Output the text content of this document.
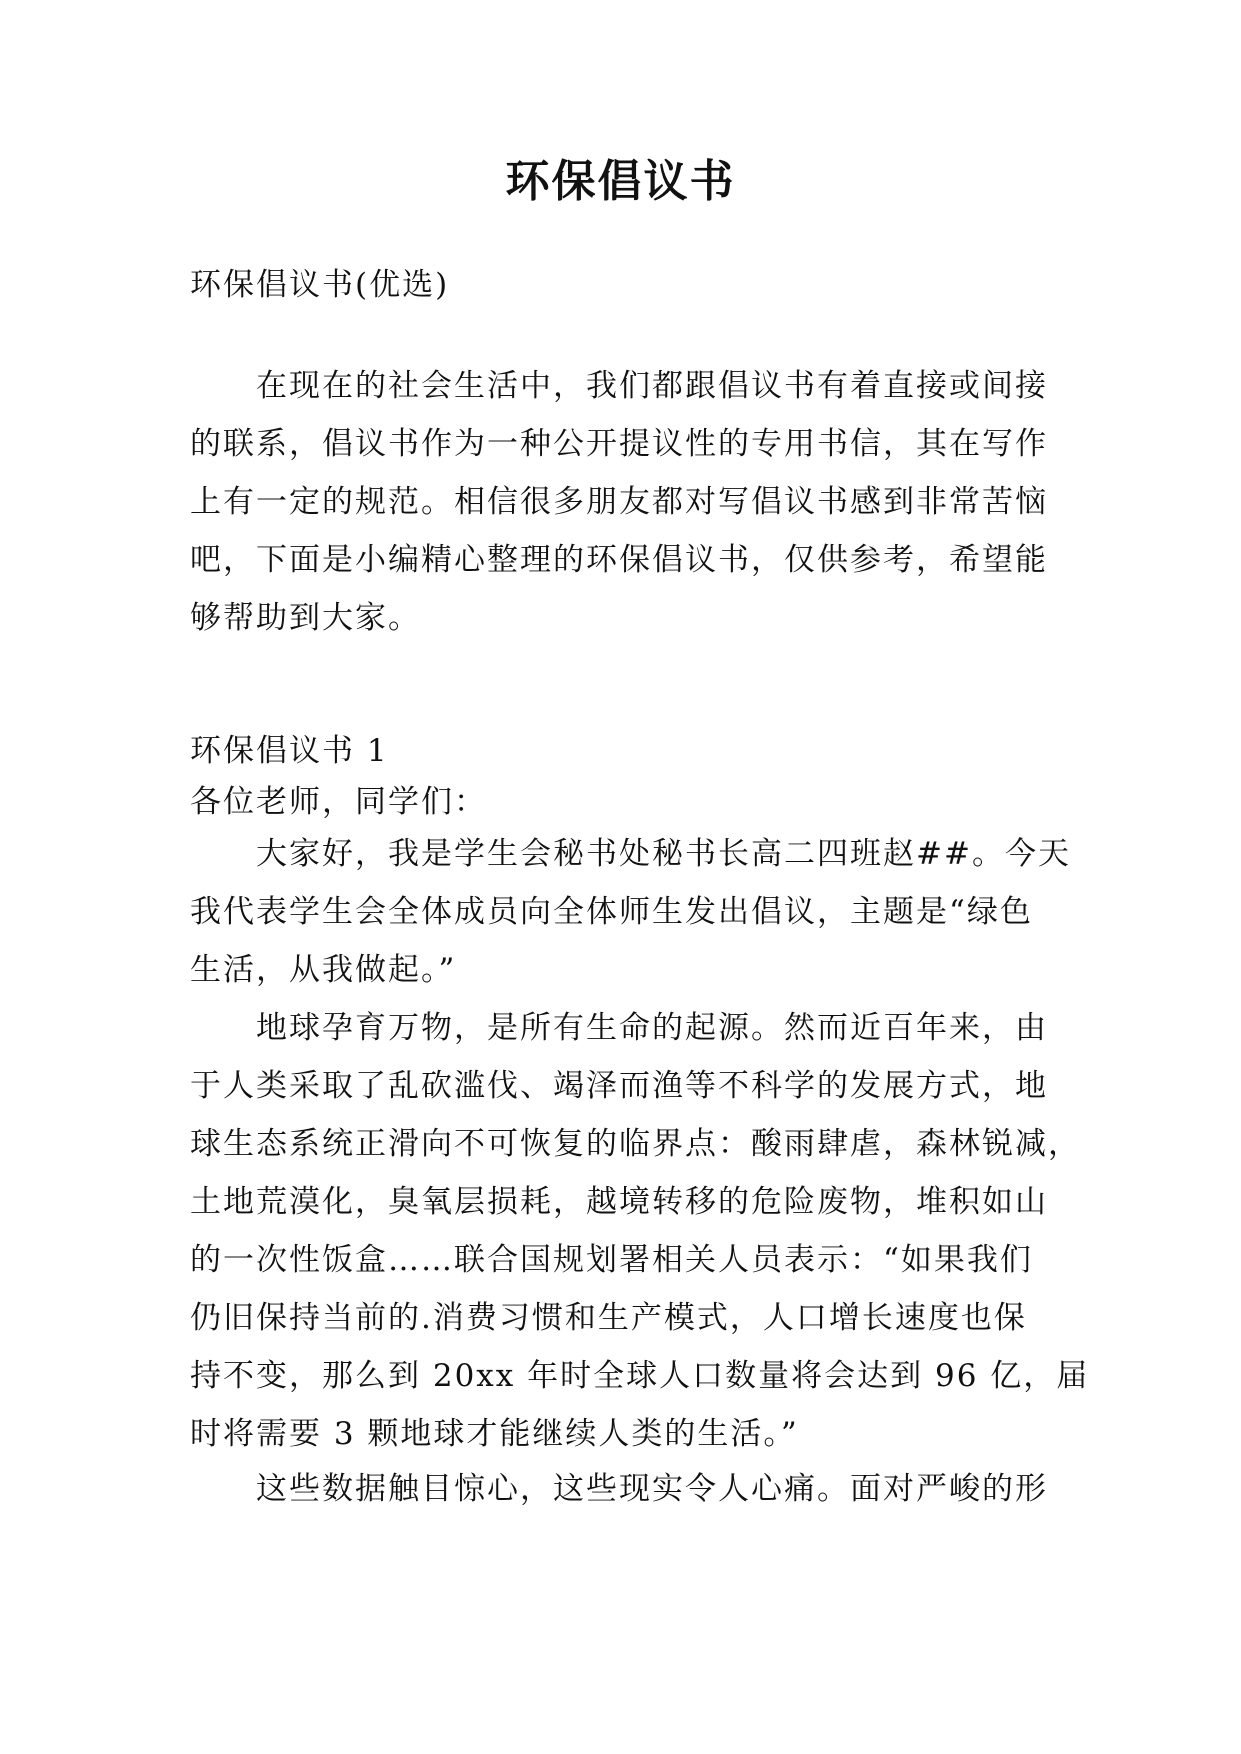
环保倡议书
环保倡议书(优选)
在现在的社会生活中，我们都跟倡议书有着直接或间接
的联系，倡议书作为一种公开提议性的专用书信，其在写作
上有一定的规范。相信很多朋友都对写倡议书感到非常苦恼
吧，下面是小编精心整理的环保倡议书，仅供参考，希望能
够帮助到大家。
环保倡议书 1
各位老师，同学们：
大家好，我是学生会秘书处秘书长高二四班赵##。今天
我代表学生会全体成员向全体师生发出倡议，主题是“绿色
生活，从我做起。”
地球孕育万物，是所有生命的起源。然而近百年来，由
于人类采取了乱砍滥伐、竭泽而渔等不科学的发展方式，地
球生态系统正滑向不可恢复的临界点：酸雨肆虐，森林锐减，
土地荒漠化，臭氧层损耗，越境转移的危险废物，堆积如山
的一次性饭盒……联合国规划署相关人员表示：“如果我们
仍旧保持当前的.消费习惯和生产模式，人口增长速度也保
持不变，那么到 20xx 年时全球人口数量将会达到 96 亿，届
时将需要 3 颗地球才能继续人类的生活。”
这些数据触目惊心，这些现实令人心痛。面对严峻的形
